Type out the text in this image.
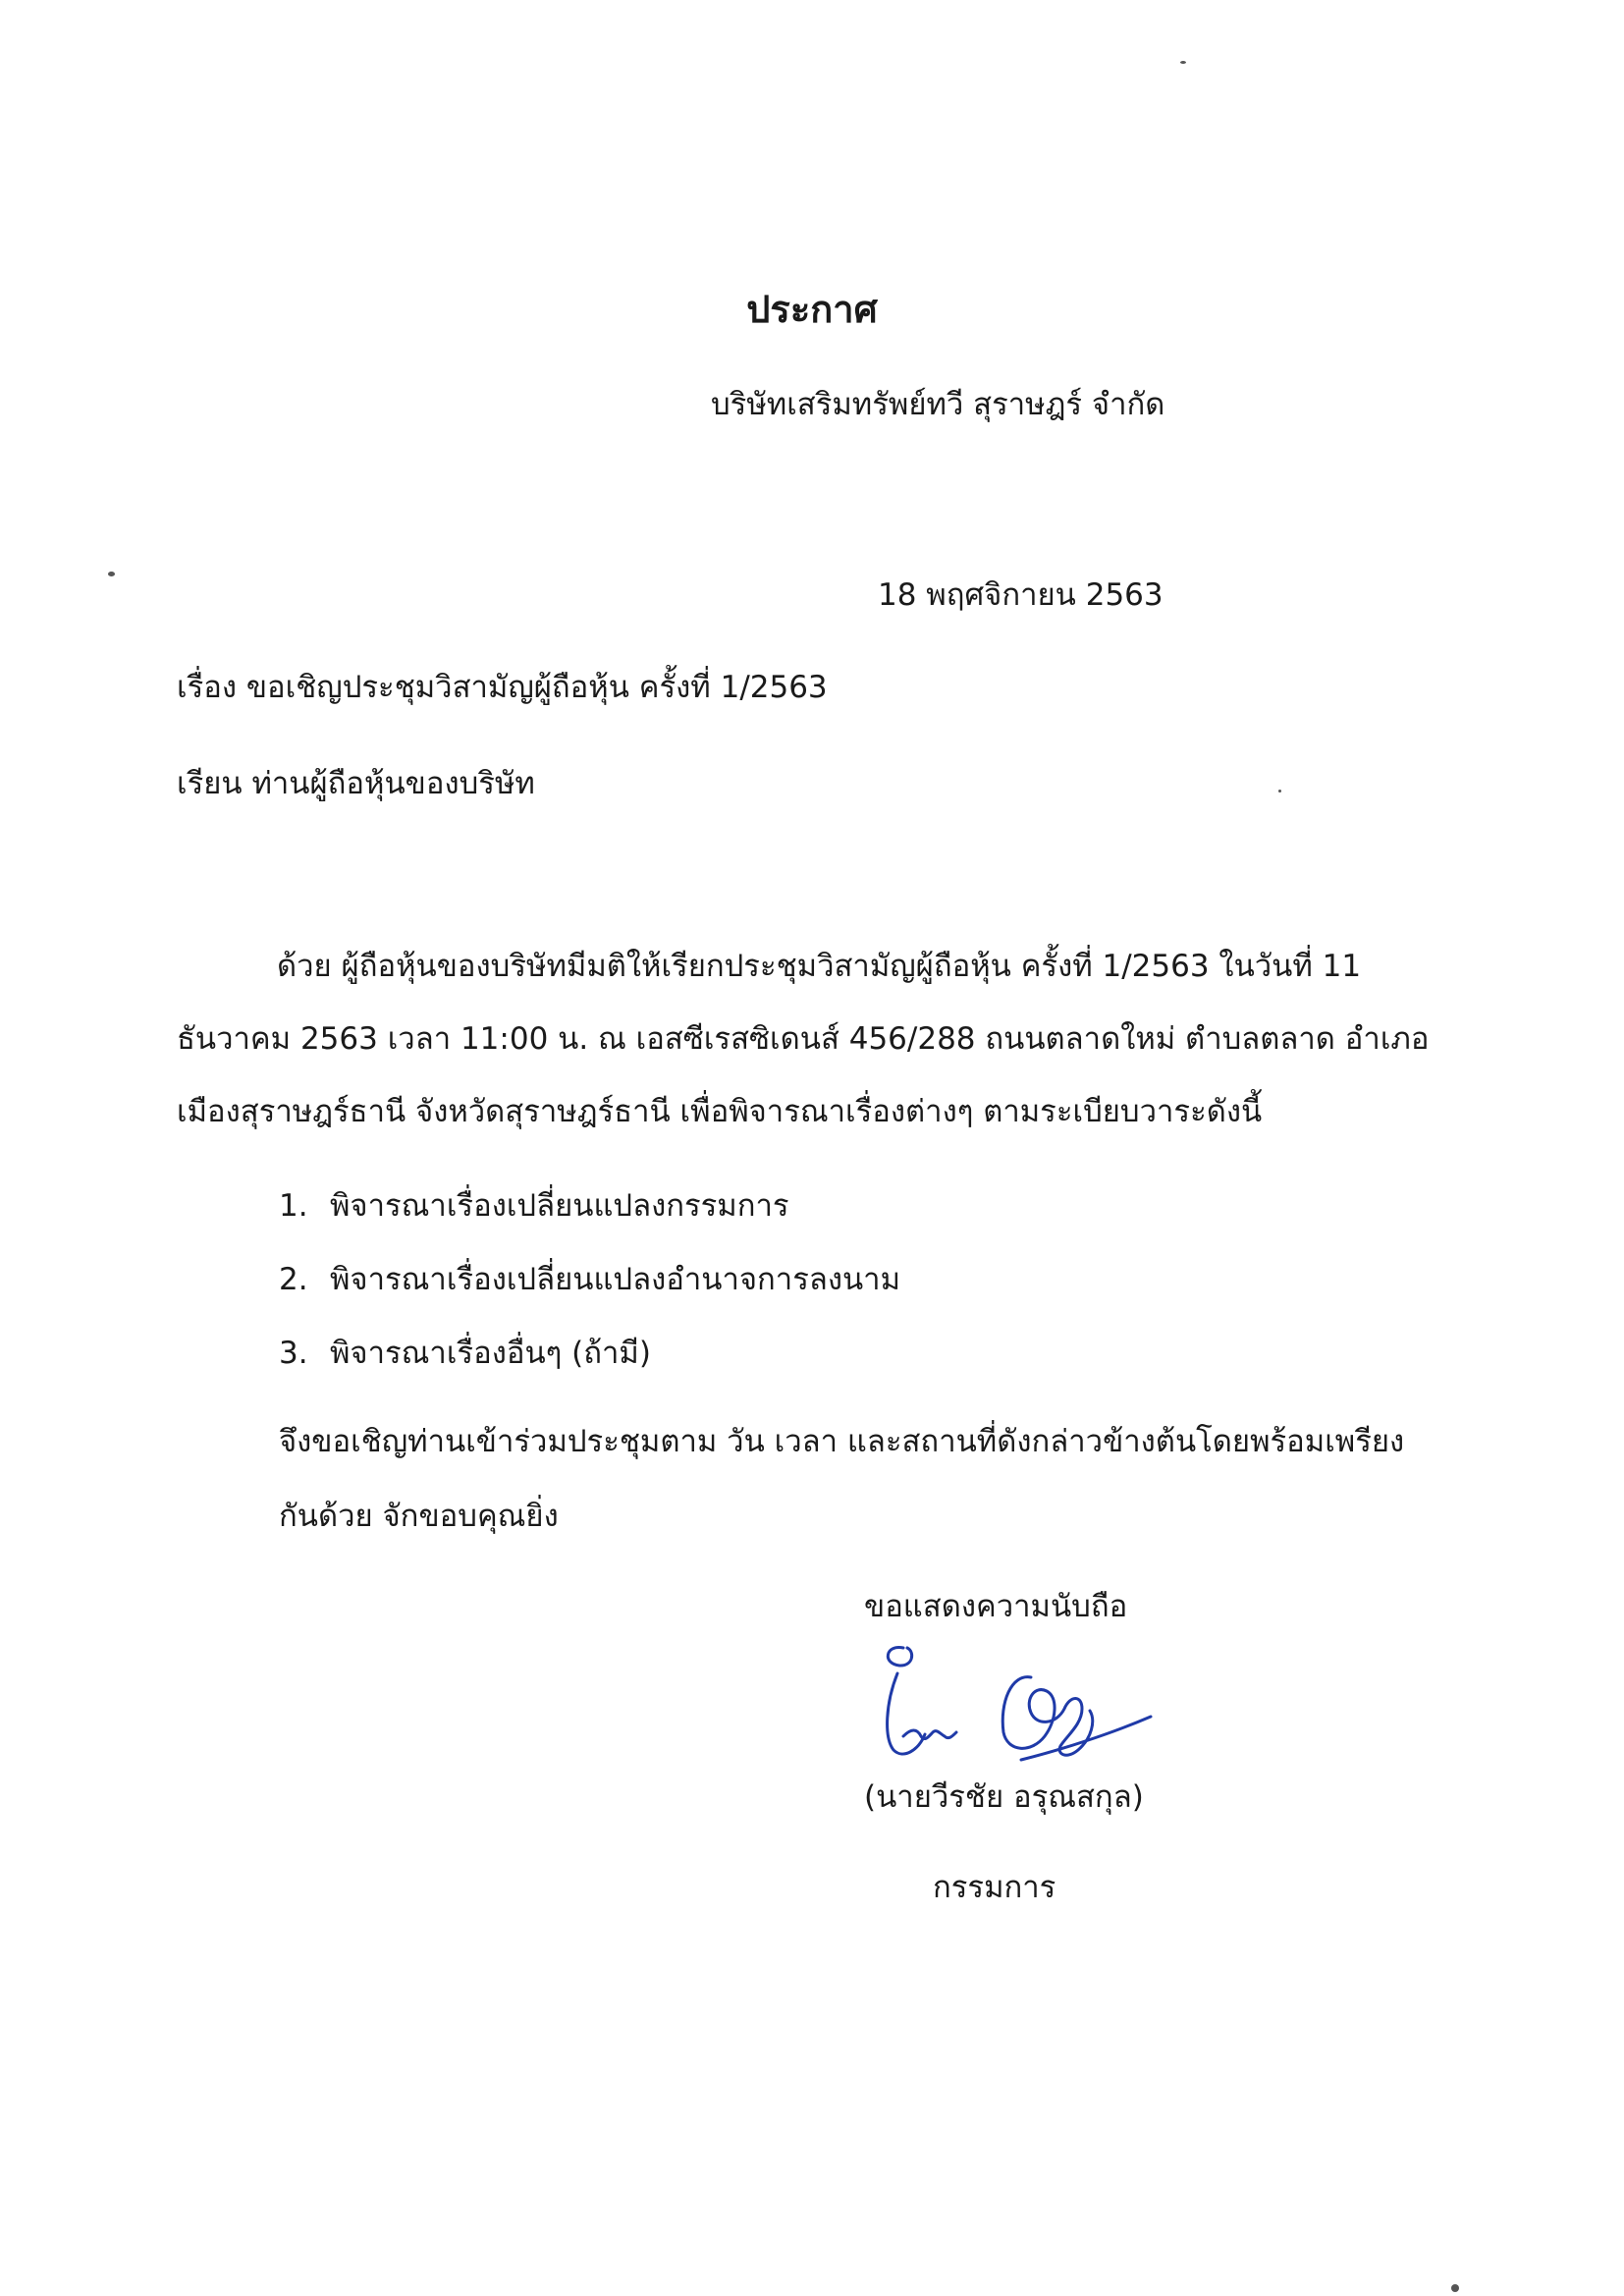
ประกาศ

บริษัทเสริมทรัพย์ทวี สุราษฎร์ จำกัด

18 พฤศจิกายน 2563

เรื่อง ขอเชิญประชุมวิสามัญผู้ถือหุ้น ครั้งที่ 1/2563

เรียน ท่านผู้ถือหุ้นของบริษัท

ด้วย ผู้ถือหุ้นของบริษัทมีมติให้เรียกประชุมวิสามัญผู้ถือหุ้น ครั้งที่ 1/2563 ในวันที่ 11

ธันวาคม 2563 เวลา 11:00 น. ณ เอสซีเรสซิเดนส์ 456/288 ถนนตลาดใหม่ ตำบลตลาด อำเภอ

เมืองสุราษฎร์ธานี จังหวัดสุราษฎร์ธานี เพื่อพิจารณาเรื่องต่างๆ ตามระเบียบวาระดังนี้

1. พิจารณาเรื่องเปลี่ยนแปลงกรรมการ
2. พิจารณาเรื่องเปลี่ยนแปลงอำนาจการลงนาม
3. พิจารณาเรื่องอื่นๆ (ถ้ามี)

จึงขอเชิญท่านเข้าร่วมประชุมตาม วัน เวลา และสถานที่ดังกล่าวข้างต้นโดยพร้อมเพรียง

กันด้วย จักขอบคุณยิ่ง

ขอแสดงความนับถือ

(นายวีรชัย อรุณสกุล)

กรรมการ
